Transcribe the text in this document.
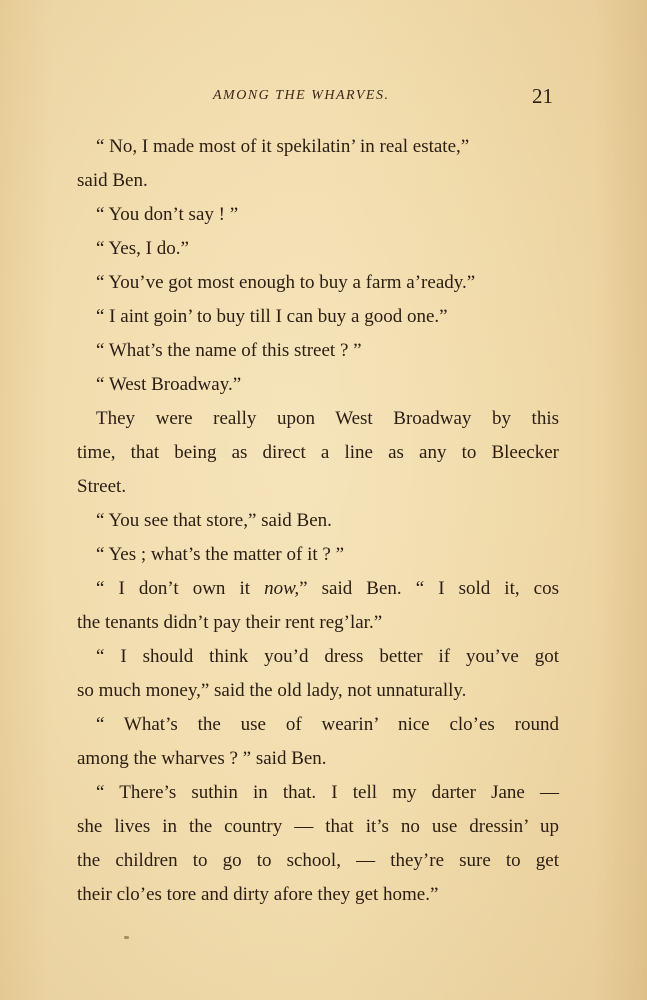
AMONG THE WHARVES.	21
“ No, I made most of it spekilatin’ in real estate,”
said Ben.
“ You don’t say ! ”
“ Yes, I do.”
“ You’ve got most enough to buy a farm a’ready.”
“ I aint goin’ to buy till I can buy a good one.”
“ What’s the name of this street ? ”
“ West Broadway.”
They were really upon West Broadway by this
time, that being as direct a line as any to Bleecker
Street.
“ You see that store,” said Ben.
“ Yes ; what’s the matter of it ? ”
“ I don’t own it now,” said Ben. “ I sold it, cos
the tenants didn’t pay their rent reg’lar.”
“ I should think you’d dress better if you’ve got
so much money,” said the old lady, not unnaturally.
“ What’s the use of wearin’ nice clo’es round
among the wharves ? ” said Ben.
“ There’s suthin in that. I tell my darter Jane —
she lives in the country — that it’s no use dressin’ up
the children to go to school, — they’re sure to get
their clo’es tore and dirty afore they get home.”
